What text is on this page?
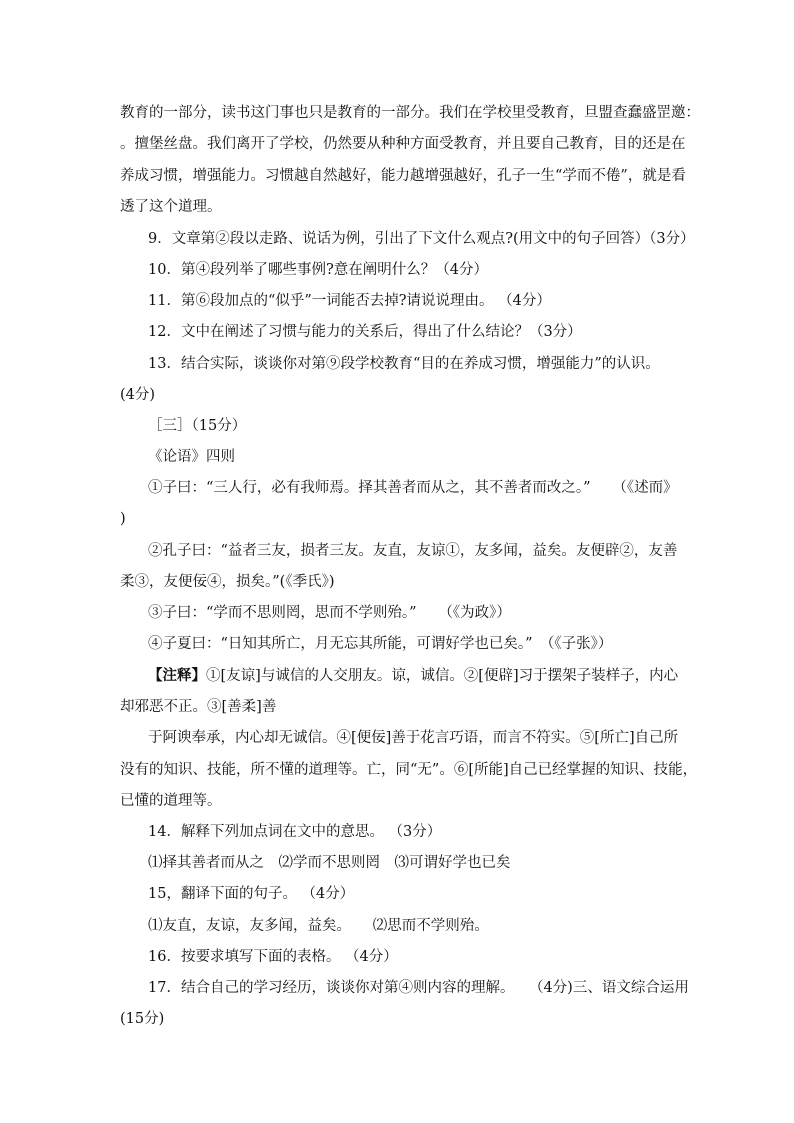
教育的一部分，读书这门事也只是教育的一部分。我们在学校里受教育，旦盟查蠢盛罡邀：
。擅堡丝盘。我们离开了学校，仍然要从种种方面受教育，并且要自己教育，目的还是在
养成习惯，增强能力。习惯越自然越好，能力越增强越好，孔子一生“学而不倦”，就是看
透了这个道理。
9．文章第②段以走路、说话为例，引出了下文什么观点?(用文中的句子回答）（3分）
10．第④段列举了哪些事例?意在阐明什么？（4分）
11．第⑥段加点的“似乎”一词能否去掉?请说说理由。 （4分）
12．文中在阐述了习惯与能力的关系后，得出了什么结论？（3分）
13．结合实际，谈谈你对第⑨段学校教育“目的在养成习惯，增强能力”的认识。
(4分)
［三］（15分）
《论语》四则
①子曰：“三人行，必有我师焉。择其善者而从之，其不善者而改之。”　　（《述而》
)
②孔子曰：“益者三友，损者三友。友直，友谅①，友多闻，益矣。友便辟②，友善
柔③，友便佞④，损矣。”(《季氏》)
③子曰：“学而不思则罔，思而不学则殆。”　　（《为政》）
④子夏曰：“日知其所亡，月无忘其所能，可谓好学也已矣。”　（《子张》）
【注释】①[友谅]与诚信的人交朋友。谅，诚信。②[便辟]习于摆架子装样子，内心
却邪恶不正。③[善柔]善
于阿谀奉承，内心却无诚信。④[便佞]善于花言巧语，而言不符实。⑤[所亡]自己所
没有的知识、技能，所不懂的道理等。亡，同“无”。⑥[所能]自己已经掌握的知识、技能，
已懂的道理等。
14．解释下列加点词在文中的意思。 （3分）
⑴择其善者而从之　⑵学而不思则罔　⑶可谓好学也已矣
15，翻译下面的句子。 （4分）
⑴友直，友谅，友多闻，益矣。　　⑵思而不学则殆。
16．按要求填写下面的表格。 （4分）
17．结合自己的学习经历，谈谈你对第④则内容的理解。　　（4分)三、语文综合运用
(15分)
